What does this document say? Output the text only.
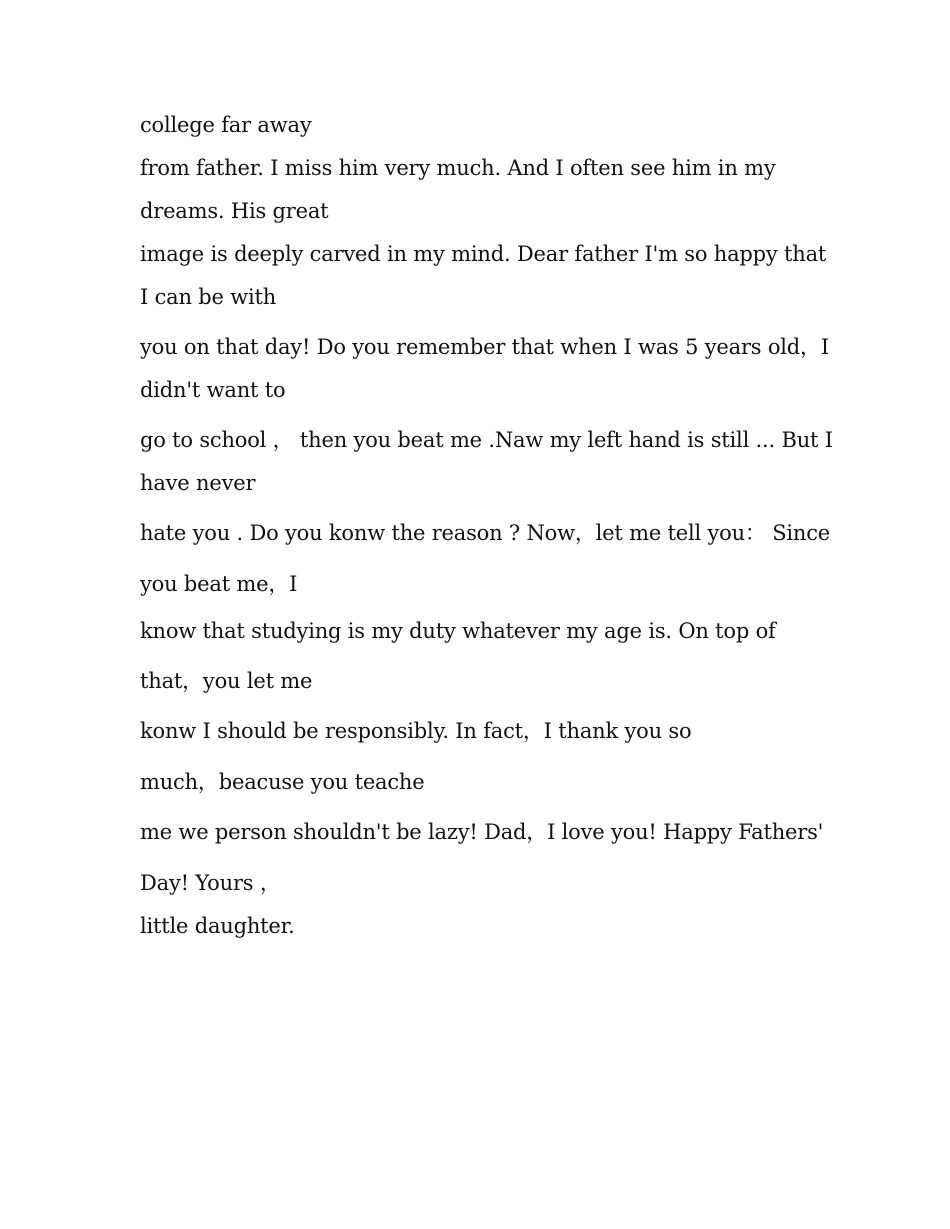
college far away
from father. I miss him very much. And I often see him in my
dreams. His great
image is deeply carved in my mind. Dear father I'm so happy that
I can be with
you on that day! Do you remember that when I was 5 years old，I
didn't want to
go to school ， then you beat me .Naw my left hand is still ... But I
have never
hate you . Do you konw the reason ? Now，let me tell you： Since
you beat me，I
know that studying is my duty whatever my age is. On top of
that，you let me
konw I should be responsibly. In fact，I thank you so
much，beacuse you teache
me we person shouldn't be lazy! Dad，I love you! Happy Fathers'
Day! Yours ，
little daughter.
